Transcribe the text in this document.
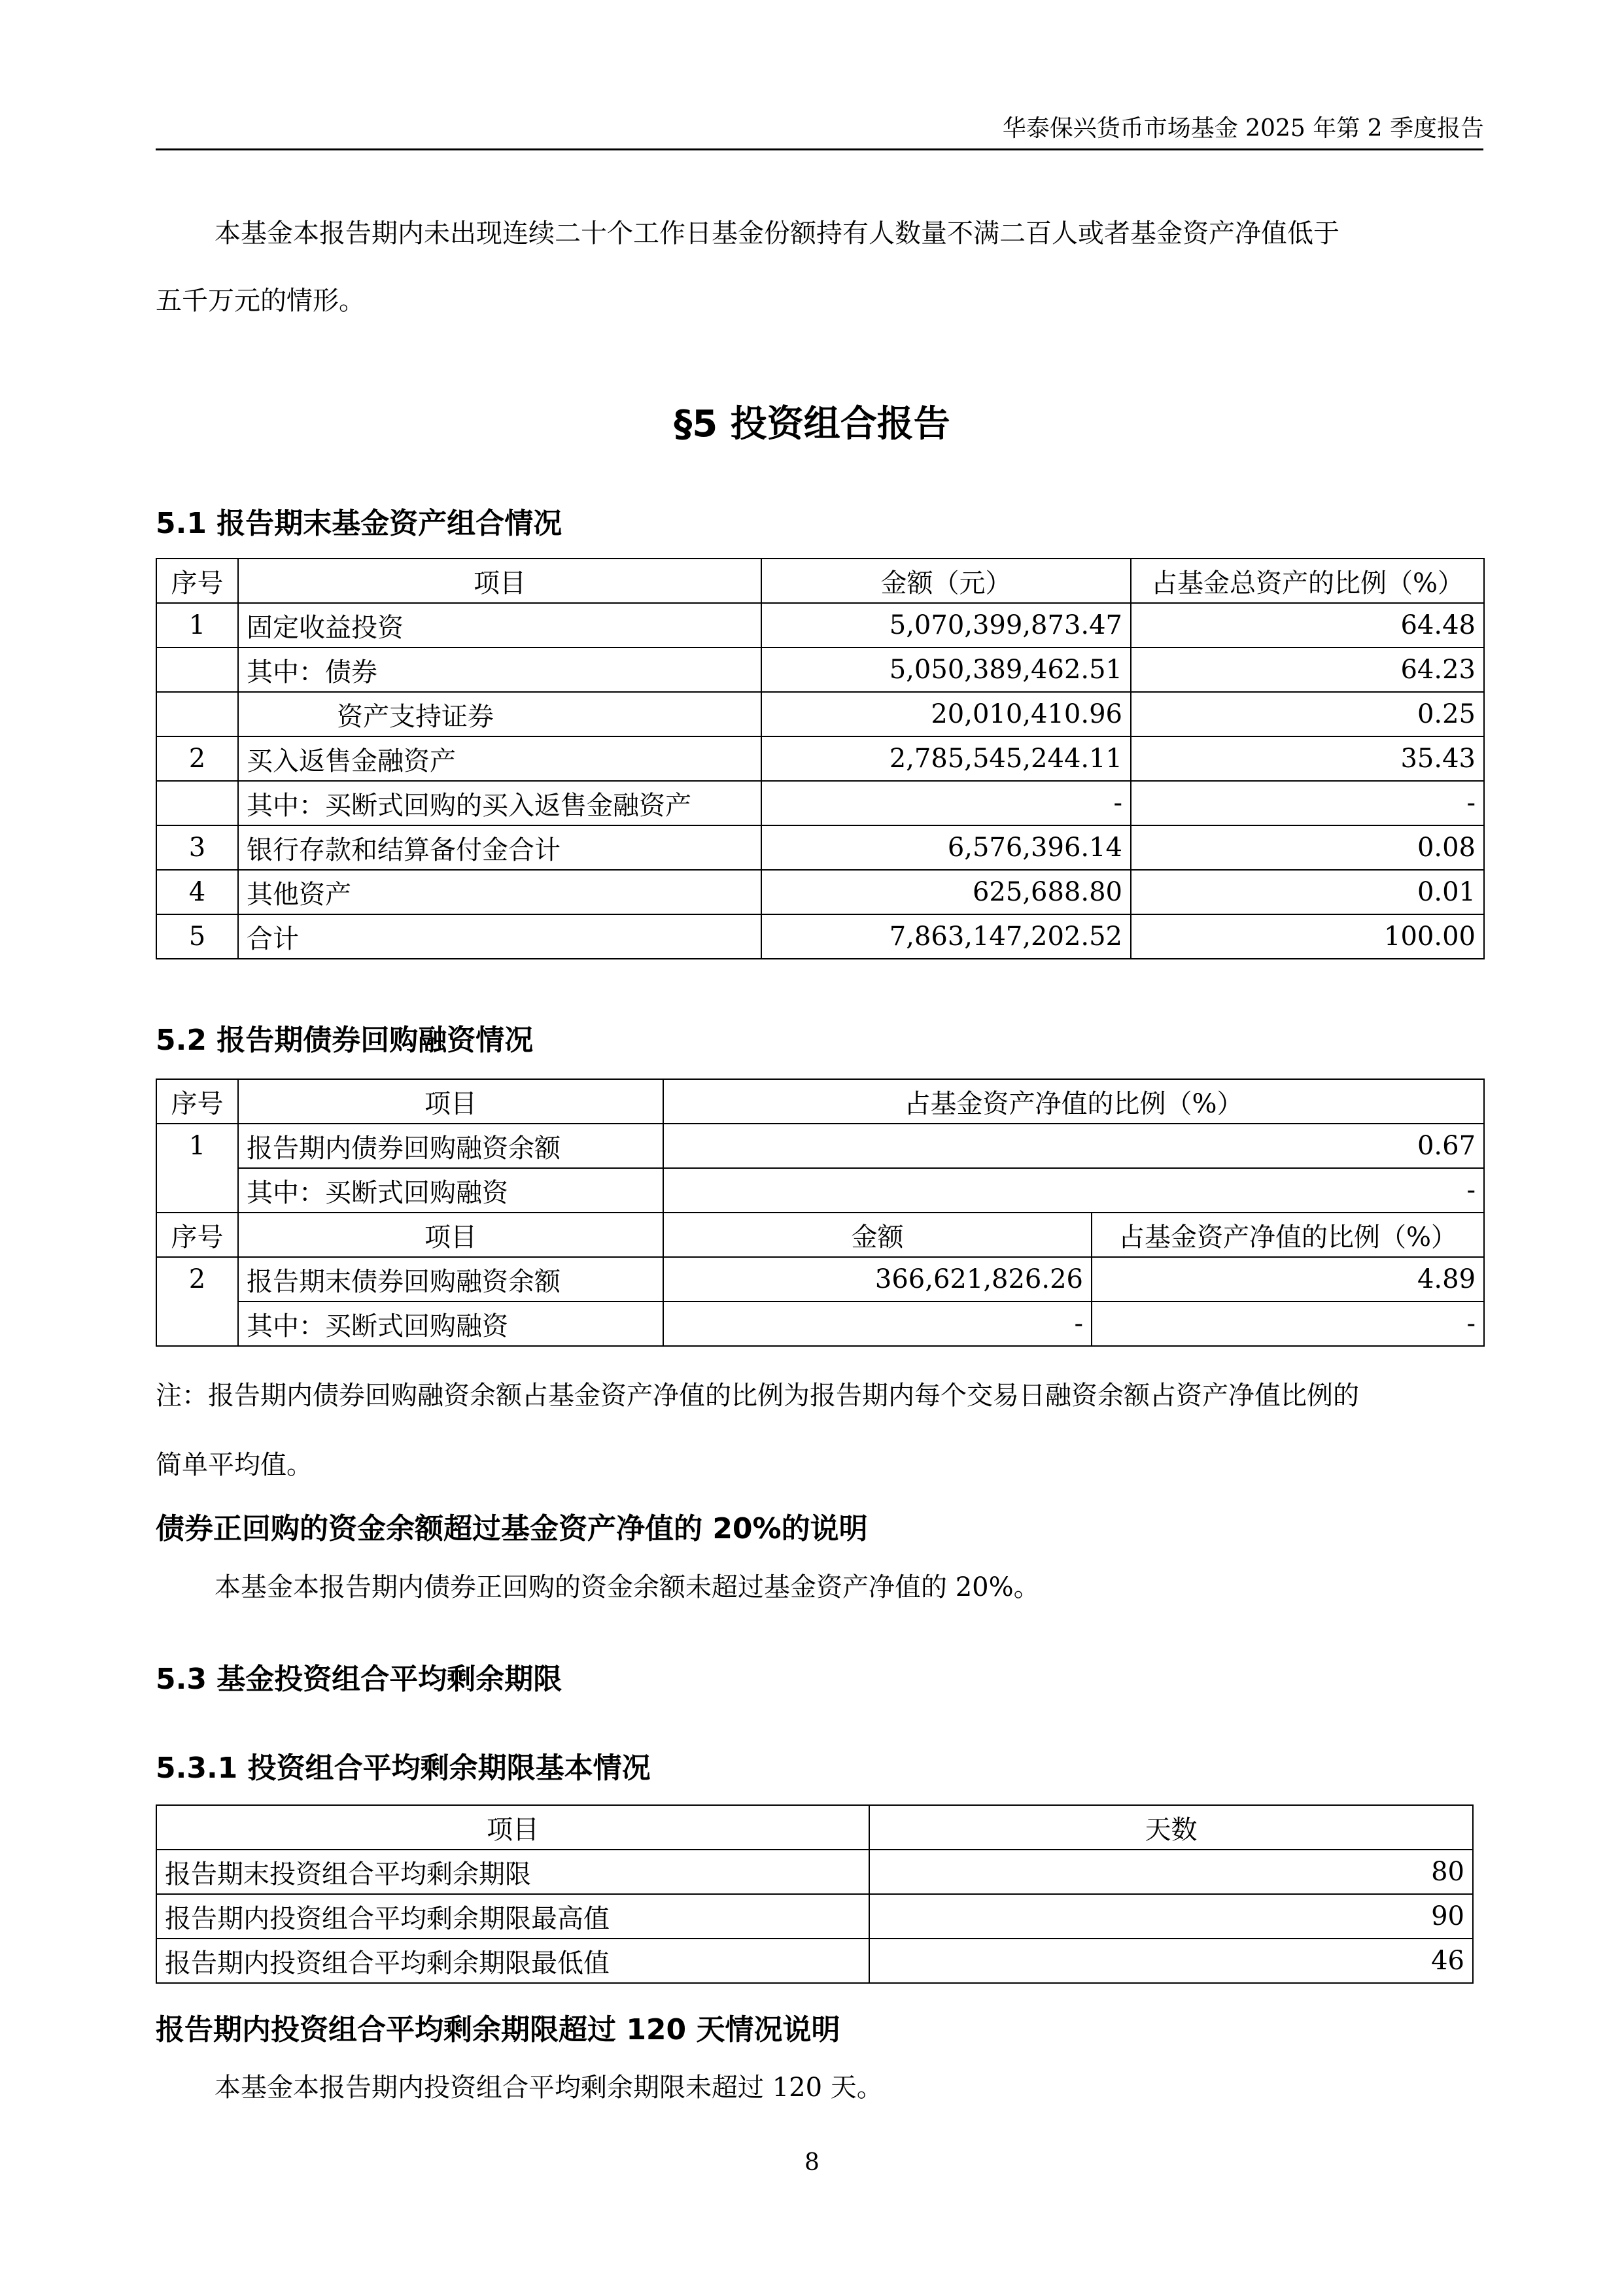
华泰保兴货币市场基金 2025 年第 2 季度报告
本基金本报告期内未出现连续二十个工作日基金份额持有人数量不满二百人或者基金资产净值低于
五千万元的情形。
§5 投资组合报告
5.1 报告期末基金资产组合情况
序号	项目	金额（元）	占基金总资产的比例（%）
1	固定收益投资	5,070,399,873.47	64.48
	其中：债券	5,050,389,462.51	64.23
	资产支持证券	20,010,410.96	0.25
2	买入返售金融资产	2,785,545,244.11	35.43
	其中：买断式回购的买入返售金融资产	-	-
3	银行存款和结算备付金合计	6,576,396.14	0.08
4	其他资产	625,688.80	0.01
5	合计	7,863,147,202.52	100.00
5.2 报告期债券回购融资情况
序号	项目	占基金资产净值的比例（%）	
1	报告期内债券回购融资余额	0.67	
	其中：买断式回购融资	-	
序号	项目	金额	占基金资产净值的比例（%）
2	报告期末债券回购融资余额	366,621,826.26	4.89
	其中：买断式回购融资	-	-
注：报告期内债券回购融资余额占基金资产净值的比例为报告期内每个交易日融资余额占资产净值比例的
简单平均值。
债券正回购的资金余额超过基金资产净值的 20%的说明
本基金本报告期内债券正回购的资金余额未超过基金资产净值的 20%。
5.3 基金投资组合平均剩余期限
5.3.1 投资组合平均剩余期限基本情况
项目	天数
报告期末投资组合平均剩余期限	80
报告期内投资组合平均剩余期限最高值	90
报告期内投资组合平均剩余期限最低值	46
报告期内投资组合平均剩余期限超过 120 天情况说明
本基金本报告期内投资组合平均剩余期限未超过 120 天。
8
